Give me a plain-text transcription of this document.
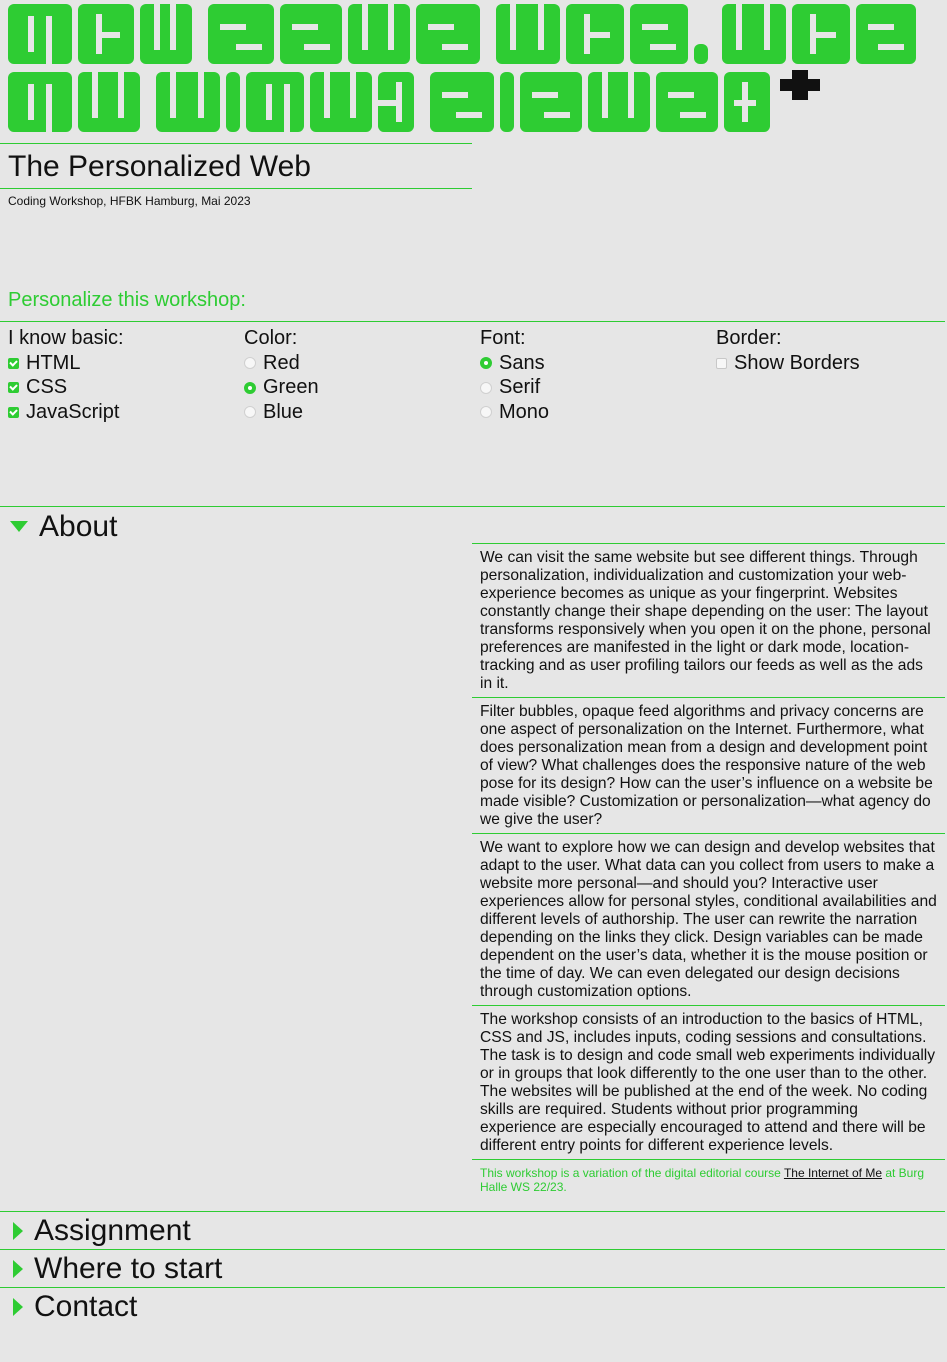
The Personalized Web
Coding Workshop, HFBK Hamburg, Mai 2023
Personalize this workshop:
I know basic:
HTML
CSS
JavaScript
Color:
Red
Green
Blue
Font:
Sans
Serif
Mono
Border:
Show Borders
About
We can visit the same website but see different things. Through personalization, individualization and customization your web-experience becomes as unique as your fingerprint. Websites constantly change their shape depending on the user: The layout transforms responsively when you open it on the phone, personal preferences are manifested in the light or dark mode, location-tracking and as user profiling tailors our feeds as well as the ads in it.
Filter bubbles, opaque feed algorithms and privacy concerns are one aspect of personalization on the Internet. Furthermore, what does personalization mean from a design and development point of view? What challenges does the responsive nature of the web pose for its design? How can the user’s influence on a website be made visible? Customization or personalization—what agency do we give the user?
We want to explore how we can design and develop websites that adapt to the user. What data can you collect from users to make a website more personal—and should you? Interactive user experiences allow for personal styles, conditional availabilities and different levels of authorship. The user can rewrite the narration depending on the links they click. Design variables can be made dependent on the user’s data, whether it is the mouse position or the time of day. We can even delegated our design decisions through customization options.
The workshop consists of an introduction to the basics of HTML, CSS and JS, includes inputs, coding sessions and consultations. The task is to design and code small web experiments individually or in groups that look differently to the one user than to the other. The websites will be published at the end of the week. No coding skills are required. Students without prior programming experience are especially encouraged to attend and there will be different entry points for different experience levels.
This workshop is a variation of the digital editorial course The Internet of Me at Burg Halle WS 22/23.
Assignment
Where to start
Contact
